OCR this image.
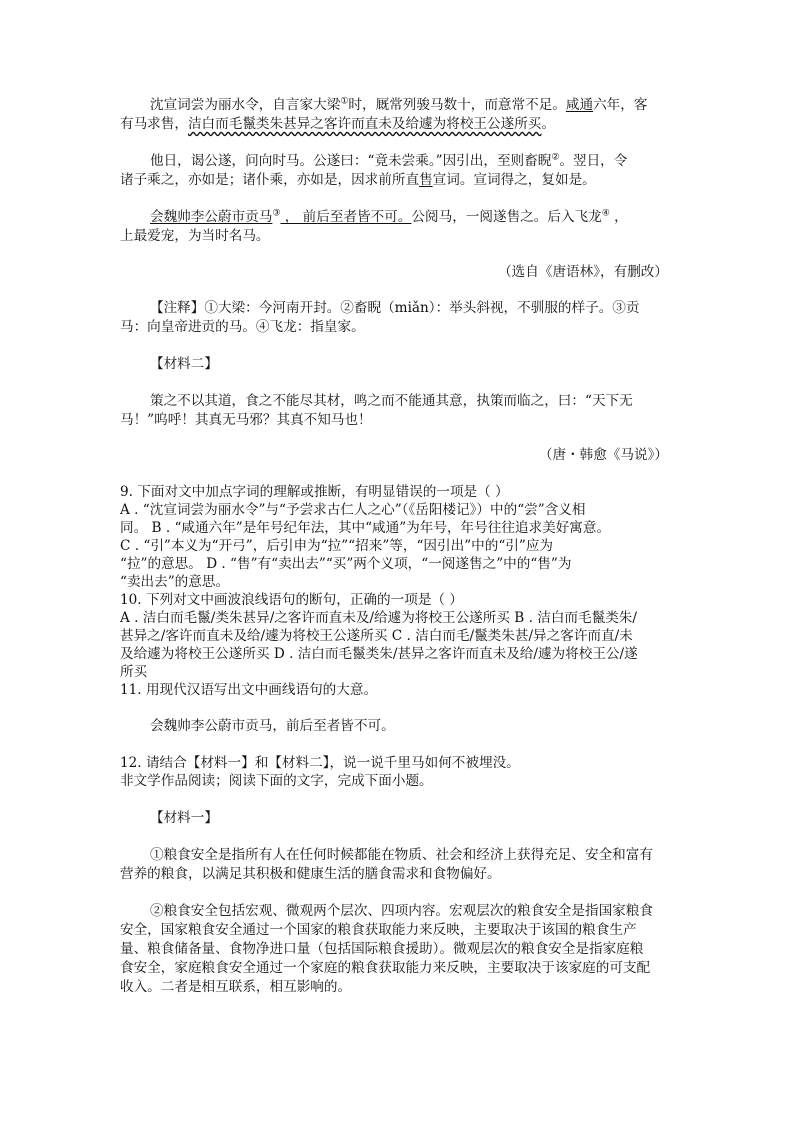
沈宣词尝为丽水令，自言家大梁①时，厩常列骏马数十，而意常不足。咸通六年，客
有马求售，洁白而毛鬣类朱甚异之客许而直未及给遽为将校王公遂所买。
他日，谒公遂，问向时马。公遂曰：“竟未尝乘。”因引出，至则畜睨②。翌日，令
诸子乘之，亦如是；诸仆乘，亦如是，因求前所直售宣词。宣词得之，复如是。
会魏帅李公蔚市贡马③ ， 前后至者皆不可。公阅马，一阅遂售之。后入飞龙④ ，
上最爱宠，为当时名马。
（选自《唐语林》，有删改）
【注释】①大梁：今河南开封。②畜睨（miǎn）：举头斜视，不驯服的样子。③贡
马：向皇帝进贡的马。④飞龙：指皇家。
【材料二】
策之不以其道，食之不能尽其材，鸣之而不能通其意，执策而临之，曰：“天下无
马！”呜呼！其真无马邪？其真不知马也！
（唐・韩愈《马说》）
9. 下面对文中加点字词的理解或推断，有明显错误的一项是（ ）
A . “沈宣词尝为丽水令”与“予尝求古仁人之心”（《岳阳楼记》）中的“尝”含义相
同。 B . “咸通六年”是年号纪年法，其中“咸通”为年号，年号往往追求美好寓意。
C . “引”本义为“开弓”，后引申为“拉”“招来”等，“因引出”中的“引”应为
“拉”的意思。 D . “售”有“卖出去”“买”两个义项，“一阅遂售之”中的“售”为
“卖出去”的意思。
10. 下列对文中画波浪线语句的断句，正确的一项是（ ）
A . 洁白而毛鬣/类朱甚异/之客许而直未及/给遽为将校王公遂所买 B . 洁白而毛鬣类朱/
甚异之/客许而直未及给/遽为将校王公遂所买 C . 洁白而毛/鬣类朱甚/异之客许而直/未
及给遽为将校王公遂所买 D . 洁白而毛鬣类朱/甚异之客许而直未及给/遽为将校王公/遂
所买
11. 用现代汉语写出文中画线语句的大意。
会魏帅李公蔚市贡马，前后至者皆不可。
12. 请结合【材料一】和【材料二】，说一说千里马如何不被埋没。
非文学作品阅读；阅读下面的文字，完成下面小题。
【材料一】
①粮食安全是指所有人在任何时候都能在物质、社会和经济上获得充足、安全和富有
营养的粮食，以满足其积极和健康生活的膳食需求和食物偏好。
②粮食安全包括宏观、微观两个层次、四项内容。宏观层次的粮食安全是指国家粮食
安全，国家粮食安全通过一个国家的粮食获取能力来反映，主要取决于该国的粮食生产
量、粮食储备量、食物净进口量（包括国际粮食援助）。微观层次的粮食安全是指家庭粮
食安全，家庭粮食安全通过一个家庭的粮食获取能力来反映，主要取决于该家庭的可支配
收入。二者是相互联系，相互影响的。
